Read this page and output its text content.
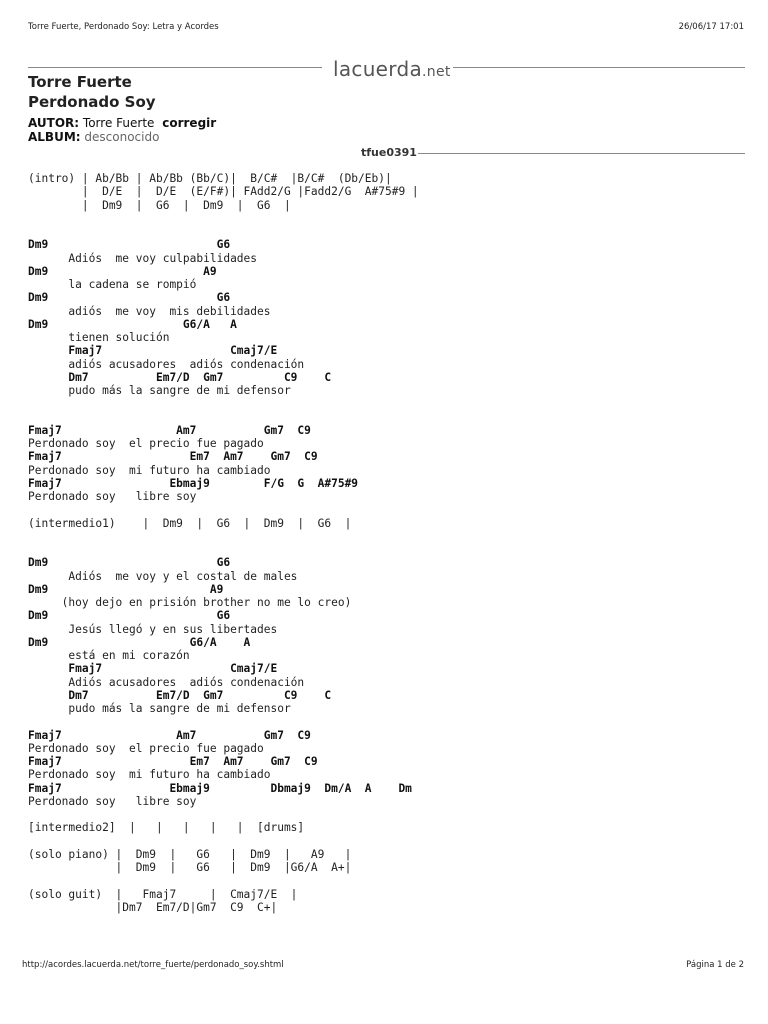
Torre Fuerte, Perdonado Soy: Letra y Acordes	26/06/17 17:01
lacuerda.net
Torre Fuerte
Perdonado Soy
AUTOR: Torre Fuerte corregir
ALBUM: desconocido
tfue0391
(intro) | Ab/Bb | Ab/Bb (Bb/C)|  B/C#  |B/C#  (Db/Eb)|
|  D/E  |  D/E  (E/F#)| FAdd2/G |Fadd2/G  A#75#9 |
|  Dm9  |  G6  |  Dm9  |  G6  |
Dm9                         G6
Adiós  me voy culpabilidades
Dm9                       A9
la cadena se rompió
Dm9                         G6
adiós  me voy  mis debilidades
Dm9                    G6/A   A
tienen solución
Fmaj7                   Cmaj7/E
adiós acusadores  adiós condenación
Dm7          Em7/D  Gm7         C9    C
pudo más la sangre de mi defensor
Fmaj7                 Am7          Gm7  C9
Perdonado soy  el precio fue pagado
Fmaj7                   Em7  Am7    Gm7  C9
Perdonado soy  mi futuro ha cambiado
Fmaj7                Ebmaj9        F/G  G  A#75#9
Perdonado soy   libre soy
(intermedio1)    |  Dm9  |  G6  |  Dm9  |  G6  |
Dm9                         G6
Adiós  me voy y el costal de males
Dm9                        A9
(hoy dejo en prisión brother no me lo creo)
Dm9                         G6
Jesús llegó y en sus libertades
Dm9                     G6/A    A
está en mi corazón
Fmaj7                   Cmaj7/E
Adiós acusadores  adiós condenación
Dm7          Em7/D  Gm7         C9    C
pudo más la sangre de mi defensor
Fmaj7                 Am7          Gm7  C9
Perdonado soy  el precio fue pagado
Fmaj7                   Em7  Am7    Gm7  C9
Perdonado soy  mi futuro ha cambiado
Fmaj7                Ebmaj9         Dbmaj9  Dm/A  A    Dm
Perdonado soy   libre soy
[intermedio2]  |   |   |   |   |  [drums]
(solo piano) |  Dm9  |   G6   |  Dm9  |   A9   |
|  Dm9  |   G6   |  Dm9  |G6/A  A+|
(solo guit)  |   Fmaj7     |  Cmaj7/E  |
|Dm7  Em7/D|Gm7  C9  C+|
http://acordes.lacuerda.net/torre_fuerte/perdonado_soy.shtml	Página 1 de 2
